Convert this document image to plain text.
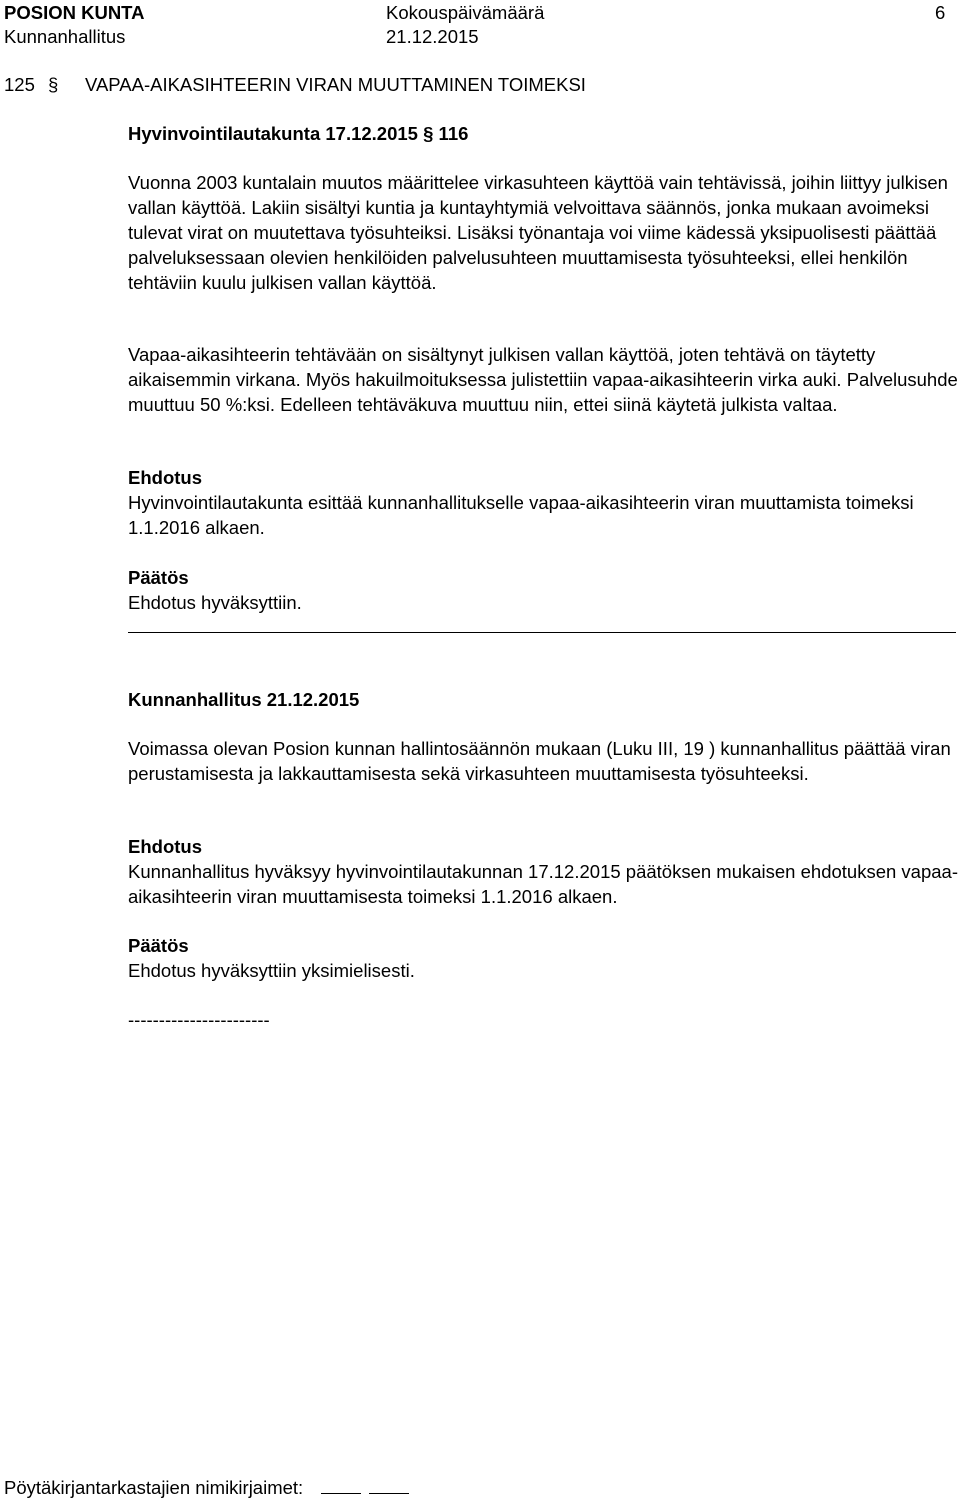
POSION KUNTA	Kokouspäivämäärä	6
Kunnanhallitus	21.12.2015
125 § VAPAA-AIKASIHTEERIN VIRAN MUUTTAMINEN TOIMEKSI
Hyvinvointilautakunta 17.12.2015 § 116

Vuonna 2003 kuntalain muutos määrittelee virkasuhteen käyttöä vain tehtävissä, joihin liittyy julkisen vallan käyttöä. Lakiin sisältyi kuntia ja kuntayhtymiä velvoittava säännös, jonka mukaan avoimeksi tulevat virat on muutettava työsuhteiksi. Lisäksi työnantaja voi viime kädessä yksipuolisesti päättää palveluksessaan olevien henkilöiden palvelusuhteen muuttamisesta työsuhteeksi, ellei henkilön tehtäviin kuulu julkisen vallan käyttöä.

Vapaa-aikasihteerin tehtävään on sisältynyt julkisen vallan käyttöä, joten tehtävä on täytetty aikaisemmin virkana. Myös hakuilmoituksessa julistettiin vapaa-aikasihteerin virka auki. Palvelusuhde muuttuu 50 %:ksi. Edelleen tehtäväkuva muuttuu niin, ettei siinä käytetä julkista valtaa.

Ehdotus

Hyvinvointilautakunta esittää kunnanhallitukselle vapaa-aikasihteerin viran muuttamista toimeksi 1.1.2016 alkaen.

Päätös

Ehdotus hyväksyttiin.

Kunnanhallitus 21.12.2015

Voimassa olevan Posion kunnan hallintosäännön mukaan (Luku III, 19 ) kunnanhallitus päättää viran perustamisesta ja lakkauttamisesta sekä virkasuhteen muuttamisesta työsuhteeksi.

Ehdotus

Kunnanhallitus hyväksyy hyvinvointilautakunnan 17.12.2015 päätöksen mukaisen ehdotuksen vapaa-aikasihteerin viran muuttamisesta toimeksi 1.1.2016 alkaen.

Päätös

Ehdotus hyväksyttiin yksimielisesti.

-----------------------
Pöytäkirjantarkastajien nimikirjaimet:
